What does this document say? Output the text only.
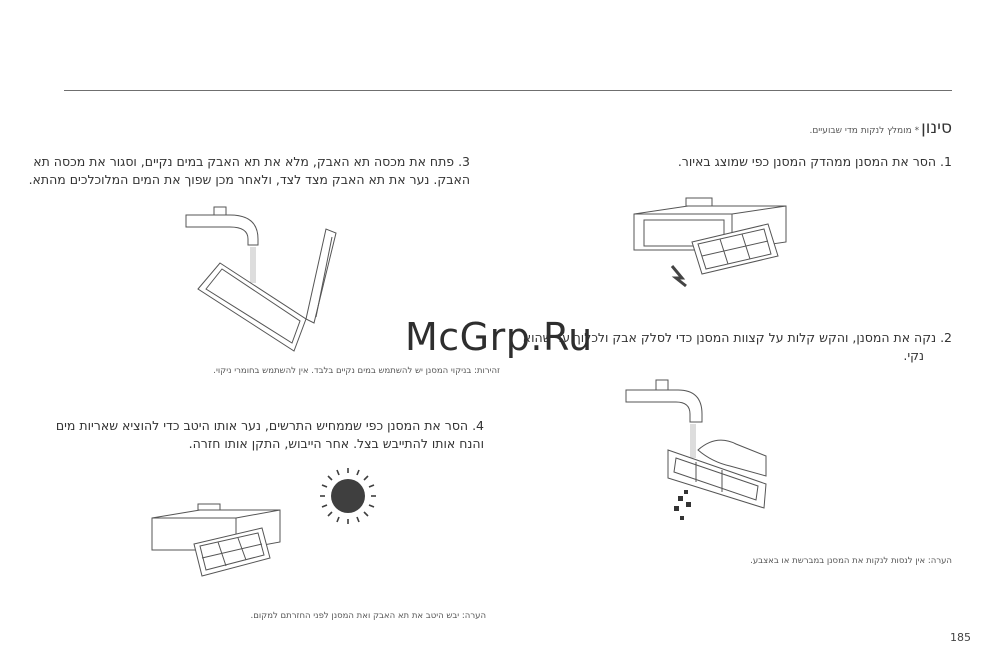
סינון* מומלץ לנקות מדי שבועיים.
1. הסר את המסנן ממהדק המסנן כפי שמוצג באיור.
3. פתח את מכסה תא האבק, מלא את תא האבק במים נקיים, וסגור את מכסה תא
האבק. נער את תא האבק מצד לצד, ולאחר מכן שפוך את המים המלוכלכים מהתא.
2. נקה את המסנן, והקש קלות על קצוות המסנן כדי לסלק אבק ולכלוך עד שהוא
נקי.
4. הסר את המסנן כפי שממחיש התרשים, נער אותו היטב כדי להוציא שאריות מים
והנח אותו להתייבש בצל. אחר הייבוש, התקן אותו חזרה.
זהירות: בניקוי המסנן יש להשתמש במים נקיים בלבד. אין להשתמש בחומרי ניקוי.
הערה: אין לנסות לנקות את המסנן במברשת או באצבע.
הערה: יבש היטב את תא האבק ואת המסנן לפני החזרתם למקום.
McGrp.Ru
185
